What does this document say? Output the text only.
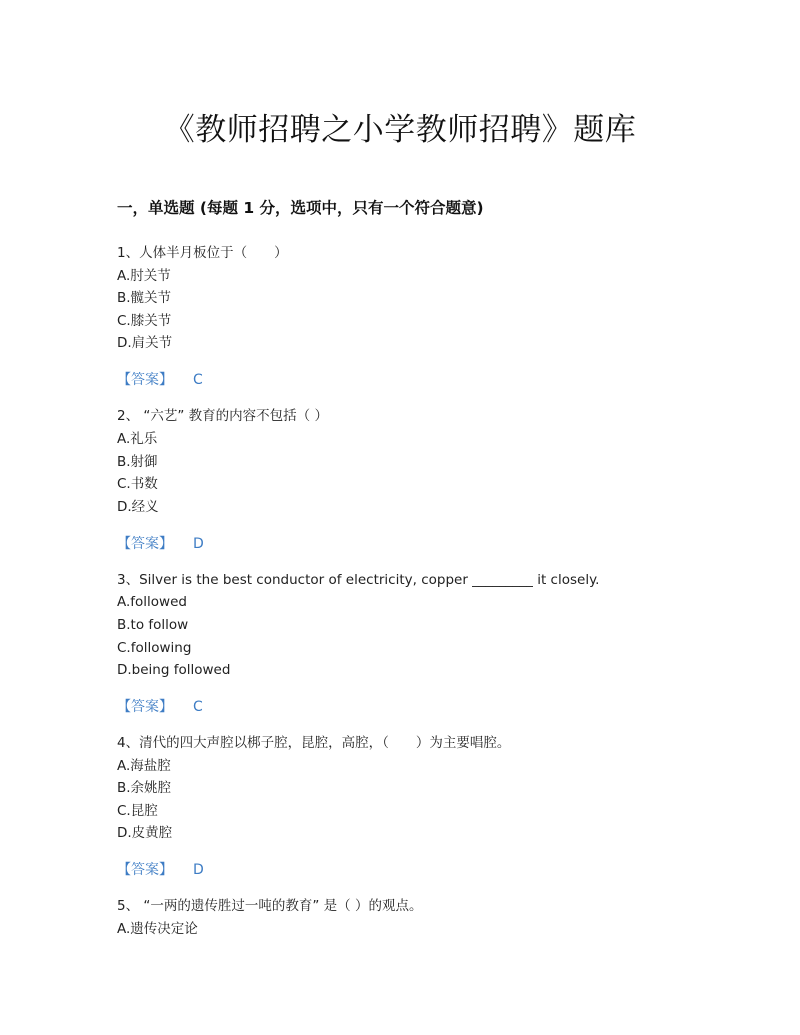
《教师招聘之小学教师招聘》题库
一，单选题 (每题 1 分，选项中，只有一个符合题意)
1、人体半月板位于（　　）
A.肘关节
B.髋关节
C.膝关节
D.肩关节
【答案】 C
2、 “六艺” 教育的内容不包括（ ）
A.礼乐
B.射御
C.书数
D.经义
【答案】 D
3、Silver is the best conductor of electricity, copper _________ it closely.
A.followed
B.to follow
C.following
D.being followed
【答案】 C
4、清代的四大声腔以梆子腔，昆腔，高腔，（　　）为主要唱腔。
A.海盐腔
B.余姚腔
C.昆腔
D.皮黄腔
【答案】 D
5、 “一两的遗传胜过一吨的教育” 是（ ）的观点。
A.遗传决定论
